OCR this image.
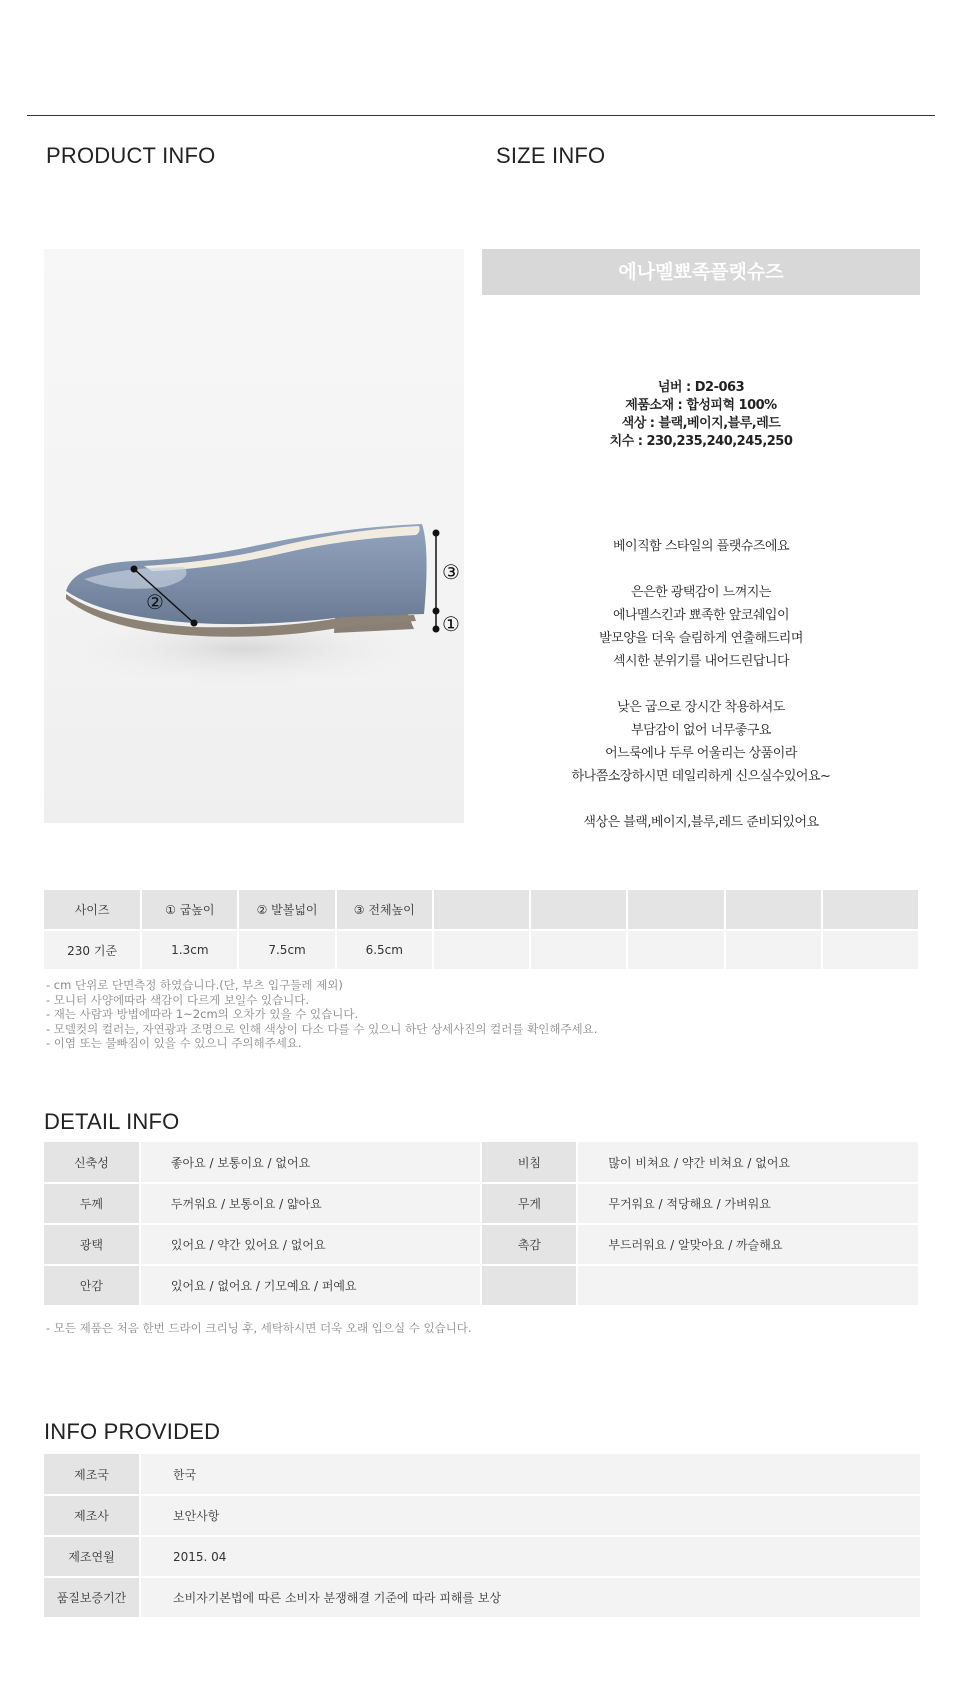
PRODUCT INFO	SIZE INFO
②
③
①
에나멜뾰족플랫슈즈
넘버 : D2-063
제품소재 : 합성피혁 100%
색상 : 블랙,베이지,블루,레드
치수 : 230,235,240,245,250
베이직함 스타일의 플랫슈즈에요
은은한 광택감이 느껴지는
에나멜스킨과 뾰족한 앞코쉐입이
발모양을 더욱 슬림하게 연출해드리며
섹시한 분위기를 내어드린답니다
낮은 굽으로 장시간 착용하셔도
부담감이 없어 너무좋구요
어느룩에나 두루 어울리는 상품이라
하나쯤소장하시면 데일리하게 신으실수있어요~
색상은 블랙,베이지,블루,레드 준비되있어요
사이즈	① 굽높이	② 발볼넓이	③ 전체높이					
230 기준	1.3cm	7.5cm	6.5cm					
- cm 단위로 단면측정 하였습니다.(단, 부츠 입구둘레 제외)
- 모니터 사양에따라 색감이 다르게 보일수 있습니다.
- 재는 사람과 방법에따라 1~2cm의 오차가 있을 수 있습니다.
- 모델컷의 컬러는, 자연광과 조명으로 인해 색상이 다소 다를 수 있으니 하단 상세사진의 컬러를 확인해주세요.
- 이염 또는 물빠짐이 있을 수 있으니 주의해주세요.
DETAIL INFO
신축성	좋아요 / 보통이요 / 없어요	비침	많이 비쳐요 / 약간 비쳐요 / 없어요
두께	두꺼워요 / 보통이요 / 얇아요	무게	무거워요 / 적당해요 / 가벼워요
광택	있어요 / 약간 있어요 / 없어요	촉감	부드러워요 / 알맞아요 / 까슬해요
안감	있어요 / 없어요 / 기모예요 / 퍼예요		
- 모든 제품은 처음 한번 드라이 크리닝 후, 세탁하시면 더욱 오래 입으실 수 있습니다.
INFO PROVIDED
제조국	한국
제조사	보안사항
제조연월	2015. 04
품질보증기간	소비자기본법에 따른 소비자 분쟁해결 기준에 따라 피해를 보상
